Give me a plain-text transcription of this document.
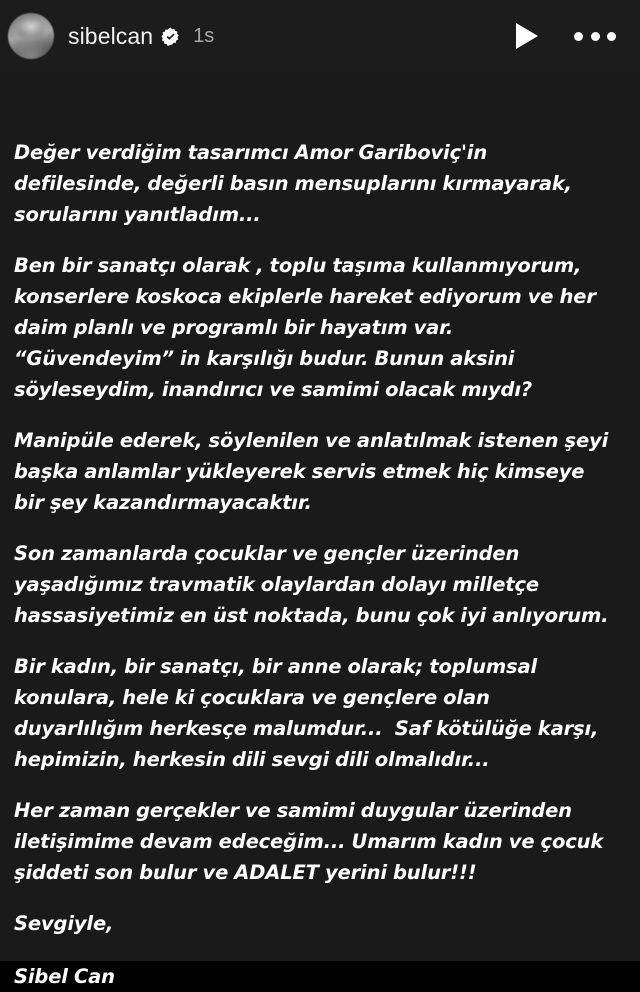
sibelcan 1s

Değer verdiğim tasarımcı Amor Gariboviç'in defilesinde, değerli basın mensuplarını kırmayarak, sorularını yanıtladım...

Ben bir sanatçı olarak , toplu taşıma kullanmıyorum, konserlere koskoca ekiplerle hareket ediyorum ve her daim planlı ve programlı bir hayatım var. “Güvendeyim” in karşılığı budur. Bunun aksini söyleseydim, inandırıcı ve samimi olacak mıydı?

Manipüle ederek, söylenilen ve anlatılmak istenen şeyi başka anlamlar yükleyerek servis etmek hiç kimseye bir şey kazandırmayacaktır.

Son zamanlarda çocuklar ve gençler üzerinden yaşadığımız travmatik olaylardan dolayı milletçe hassasiyetimiz en üst noktada, bunu çok iyi anlıyorum.

Bir kadın, bir sanatçı, bir anne olarak; toplumsal konulara, hele ki çocuklara ve gençlere olan duyarlılığım herkesçe malumdur...  Saf kötülüğe karşı, hepimizin, herkesin dili sevgi dili olmalıdır...

Her zaman gerçekler ve samimi duygular üzerinden iletişimime devam edeceğim... Umarım kadın ve çocuk şiddeti son bulur ve ADALET yerini bulur!!!

Sevgiyle,

Sibel Can
